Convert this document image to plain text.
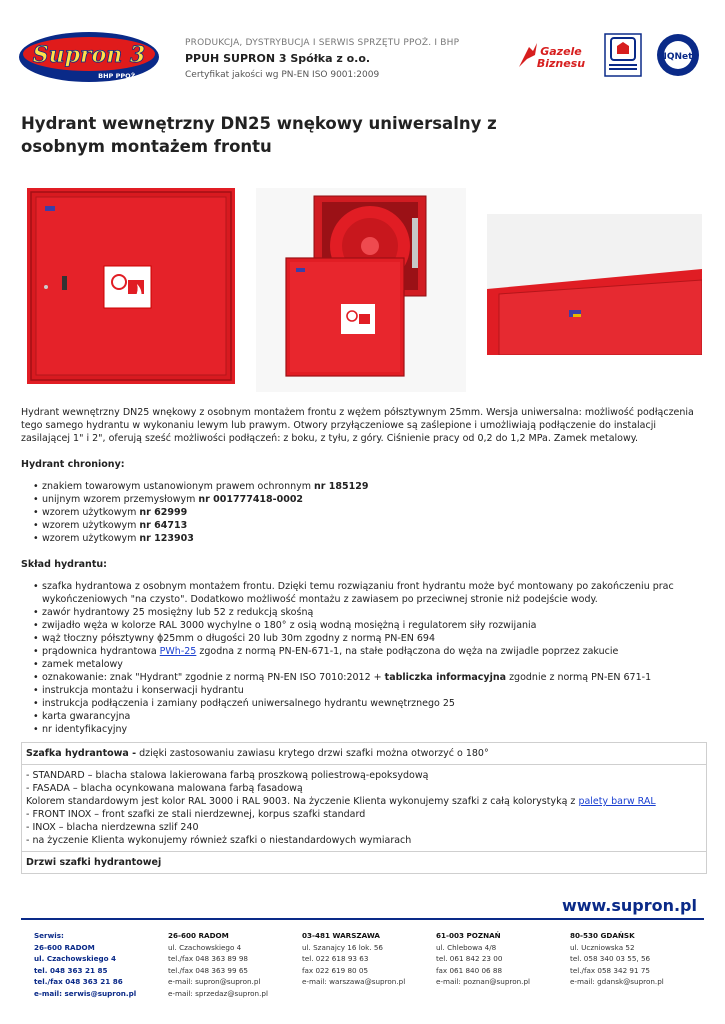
Supron 3
BHP PPOŻ.
PRODUKCJA, DYSTRYBUCJA I SERWIS SPRZĘTU PPOŻ. I BHP
PPUH SUPRON 3 Spółka z o.o.
Certyfikat jakości wg PN-EN ISO 9001:2009
Gazele
Biznesu	IQNet
Hydrant wewnętrzny DN25 wnękowy uniwersalny z osobnym montażem frontu

Hydrant wewnętrzny DN25 wnękowy z osobnym montażem frontu z wężem półsztywnym 25mm. Wersja uniwersalna: możliwość podłączenia tego samego hydrantu w wykonaniu lewym lub prawym. Otwory przyłączeniowe są zaślepione i umożliwiają podłączenie do instalacji zasilającej 1" i 2", oferują sześć możliwości podłączeń: z boku, z tyłu, z góry. Ciśnienie pracy od 0,2 do 1,2 MPa. Zamek metalowy.

Hydrant chroniony:
• znakiem towarowym ustanowionym prawem ochronnym nr 185129
• unijnym wzorem przemysłowym nr 001777418-0002
• wzorem użytkowym nr 62999
• wzorem użytkowym nr 64713
• wzorem użytkowym nr 123903
Skład hydrantu:
• szafka hydrantowa z osobnym montażem frontu. Dzięki temu rozwiązaniu front hydrantu może być montowany po zakończeniu prac wykończeniowych "na czysto". Dodatkowo możliwość montażu z zawiasem po przeciwnej stronie niż podejście wody.
• zawór hydrantowy 25 mosiężny lub 52 z redukcją skośną
• zwijadło węża w kolorze RAL 3000 wychylne o 180° z osią wodną mosiężną i regulatorem siły rozwijania
• wąż tłoczny półsztywny ϕ25mm o długości 20 lub 30m zgodny z normą PN-EN 694
• prądownica hydrantowa PWh-25 zgodna z normą PN-EN-671-1, na stałe podłączona do węża na zwijadle poprzez zakucie
• zamek metalowy
• oznakowanie: znak "Hydrant" zgodnie z normą PN-EN ISO 7010:2012 + tabliczka informacyjna zgodnie z normą PN-EN 671-1
• instrukcja montażu i konserwacji hydrantu
• instrukcja podłączenia i zamiany podłączeń uniwersalnego hydrantu wewnętrznego 25
• karta gwarancyjna
• nr identyfikacyjny
Szafka hydrantowa - dzięki zastosowaniu zawiasu krytego drzwi szafki można otworzyć o 180°
- STANDARD – blacha stalowa lakierowana farbą proszkową poliestrową-epoksydową
- FASADA – blacha ocynkowana malowana farbą fasadową
Kolorem standardowym jest kolor RAL 3000 i RAL 9003. Na życzenie Klienta wykonujemy szafki z całą kolorystyką z palety barw RAL
- FRONT INOX – front szafki ze stali nierdzewnej, korpus szafki standard
- INOX – blacha nierdzewna szlif 240
- na życzenie Klienta wykonujemy również szafki o niestandardowych wymiarach
Drzwi szafki hydrantowej
www.supron.pl
Serwis:
26-600 RADOM
ul. Czachowskiego 4
tel. 048 363 21 85
tel./fax 048 363 21 86
e-mail: serwis@supron.pl
26-600 RADOM
ul. Czachowskiego 4
tel./fax 048 363 89 98
tel./fax 048 363 99 65
e-mail: supron@supron.pl
e-mail: sprzedaz@supron.pl
03-481 WARSZAWA
ul. Szanajcy 16 lok. 56
tel. 022 618 93 63
fax 022 619 80 05
e-mail: warszawa@supron.pl
61-003 POZNAŃ
ul. Chlebowa 4/8
tel. 061 842 23 00
fax 061 840 06 88
e-mail: poznan@supron.pl
80-530 GDAŃSK
ul. Uczniowska 52
tel. 058 340 03 55, 56
tel./fax 058 342 91 75
e-mail: gdansk@supron.pl
